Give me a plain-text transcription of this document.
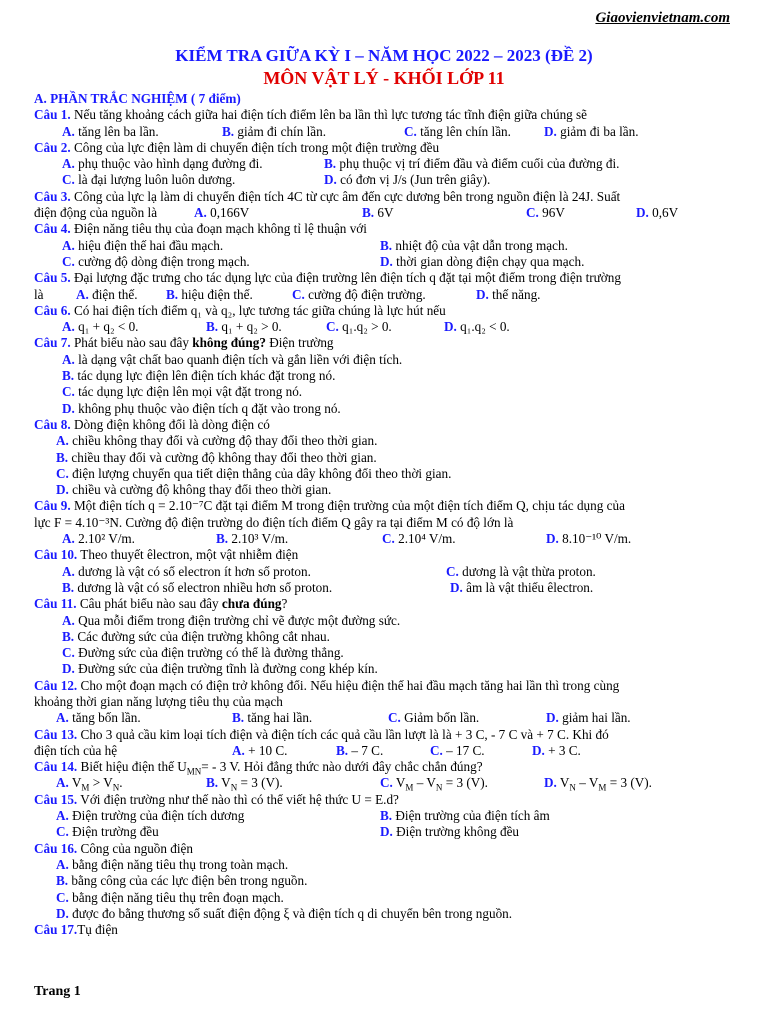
Giaovienvietnam.com
KIỂM TRA GIỮA KỲ I – NĂM HỌC 2022 – 2023 (ĐỀ 2)
MÔN VẬT LÝ - KHỐI LỚP 11
A. PHẦN TRẮC NGHIỆM ( 7 điểm)
Câu 1. Nếu tăng khoảng cách giữa hai điện tích điểm lên ba lần thì lực tương tác tĩnh điện giữa chúng sẽ
A. tăng lên ba lần.	B. giảm đi chín lần.	C. tăng lên chín lần.	D. giảm đi ba lần.
Câu 2. Công của lực điện làm di chuyển điện tích trong một điện trường đều
A. phụ thuộc vào hình dạng đường đi.	B. phụ thuộc vị trí điểm đầu và điểm cuối của đường đi.
C. là đại lượng luôn luôn dương.	D. có đơn vị J/s (Jun trên giây).
Câu 3. Công của lực lạ làm di chuyển điện tích 4C từ cực âm đến cực dương bên trong nguồn điện là 24J. Suất
điện động của nguồn là	A. 0,166V	B. 6V	C. 96V	D. 0,6V
Câu 4. Điện năng tiêu thụ của đoạn mạch không tỉ lệ thuận với
A. hiệu điện thế hai đầu mạch.	B. nhiệt độ của vật dẫn trong mạch.
C. cường độ dòng điện trong mạch.	D. thời gian dòng điện chạy qua mạch.
Câu 5. Đại lượng đặc trưng cho tác dụng lực của điện trường lên điện tích q đặt tại một điểm trong điện trường
là A. điện thế. B. hiệu điện thế.	C. cường độ điện trường.	D. thế năng.
Câu 6. Có hai điện tích điểm q₁ và q₂, lực tương tác giữa chúng là lực hút nếu
A. q₁ + q₂ < 0.	B. q₁ + q₂ > 0.	C. q₁.q₂ > 0.	D. q₁.q₂ < 0.
Câu 7. Phát biểu nào sau đây không đúng? Điện trường
A. là dạng vật chất bao quanh điện tích và gắn liền với điện tích.
B. tác dụng lực điện lên điện tích khác đặt trong nó.
C. tác dụng lực điện lên mọi vật đặt trong nó.
D. không phụ thuộc vào điện tích q đặt vào trong nó.
Câu 8. Dòng điện không đổi là dòng điện có
A. chiều không thay đổi và cường độ thay đổi theo thời gian.
B. chiều thay đổi và cường độ không thay đổi theo thời gian.
C. điện lượng chuyển qua tiết diện thẳng của dây không đổi theo thời gian.
D. chiều và cường độ không thay đổi theo thời gian.
Câu 9. Một điện tích q = 2.10⁻⁷C đặt tại điểm M trong điện trường của một điện tích điểm Q, chịu tác dụng của
lực F = 4.10⁻³N. Cường độ điện trường do điện tích điểm Q gây ra tại điểm M có độ lớn là
A. 2.10² V/m.	B. 2.10³ V/m.	C. 2.10⁴ V/m.	D. 8.10⁻¹⁰ V/m.
Câu 10. Theo thuyết êlectron, một vật nhiễm điện
A. dương là vật có số electron ít hơn số proton.	C. dương là vật thừa proton.
B. dương là vật có số electron nhiều hơn số proton.	D. âm là vật thiếu êlectron.
Câu 11. Câu phát biểu nào sau đây chưa đúng?
A. Qua mỗi điểm trong điện trường chỉ vẽ được một đường sức.
B. Các đường sức của điện trường không cắt nhau.
C. Đường sức của điện trường có thể là đường thẳng.
D. Đường sức của điện trường tĩnh là đường cong khép kín.
Câu 12. Cho một đoạn mạch có điện trở không đổi. Nếu hiệu điện thế hai đầu mạch tăng hai lần thì trong cùng
khoảng thời gian năng lượng tiêu thụ của mạch
A. tăng bốn lần.	B. tăng hai lần.	C. Giảm bốn lần.	D. giảm hai lần.
Câu 13. Cho 3 quả cầu kim loại tích điện và điện tích các quả cầu lần lượt là là + 3 C, - 7 C và + 7 C. Khi đó
điện tích của hệ	A. + 10 C.	B. – 7 C.	C. – 17 C.	D. + 3 C.
Câu 14. Biết hiệu điện thế $U_{MN}= - 3$ V. Hỏi đẳng thức nào dưới đây chắc chắn đúng?
A. $V_M > V_N$.	B. $V_N = 3$ (V).	C. $V_M - V_N = 3$ (V).	D. $V_N - V_M = 3$ (V).
Câu 15. Với điện trường như thế nào thì có thể viết hệ thức U = E.d?
A. Điện trường của điện tích dương	B. Điện trường của điện tích âm
C. Điện trường đều	D. Điện trường không đều
Câu 16. Công của nguồn điện
A. bằng điện năng tiêu thụ trong toàn mạch.
B. bằng công của các lực điện bên trong nguồn.
C. bằng điện năng tiêu thụ trên đoạn mạch.
D. được đo bằng thương số suất điện động ξ và điện tích q di chuyển bên trong nguồn.
Câu 17.Tụ điện
Trang 1
